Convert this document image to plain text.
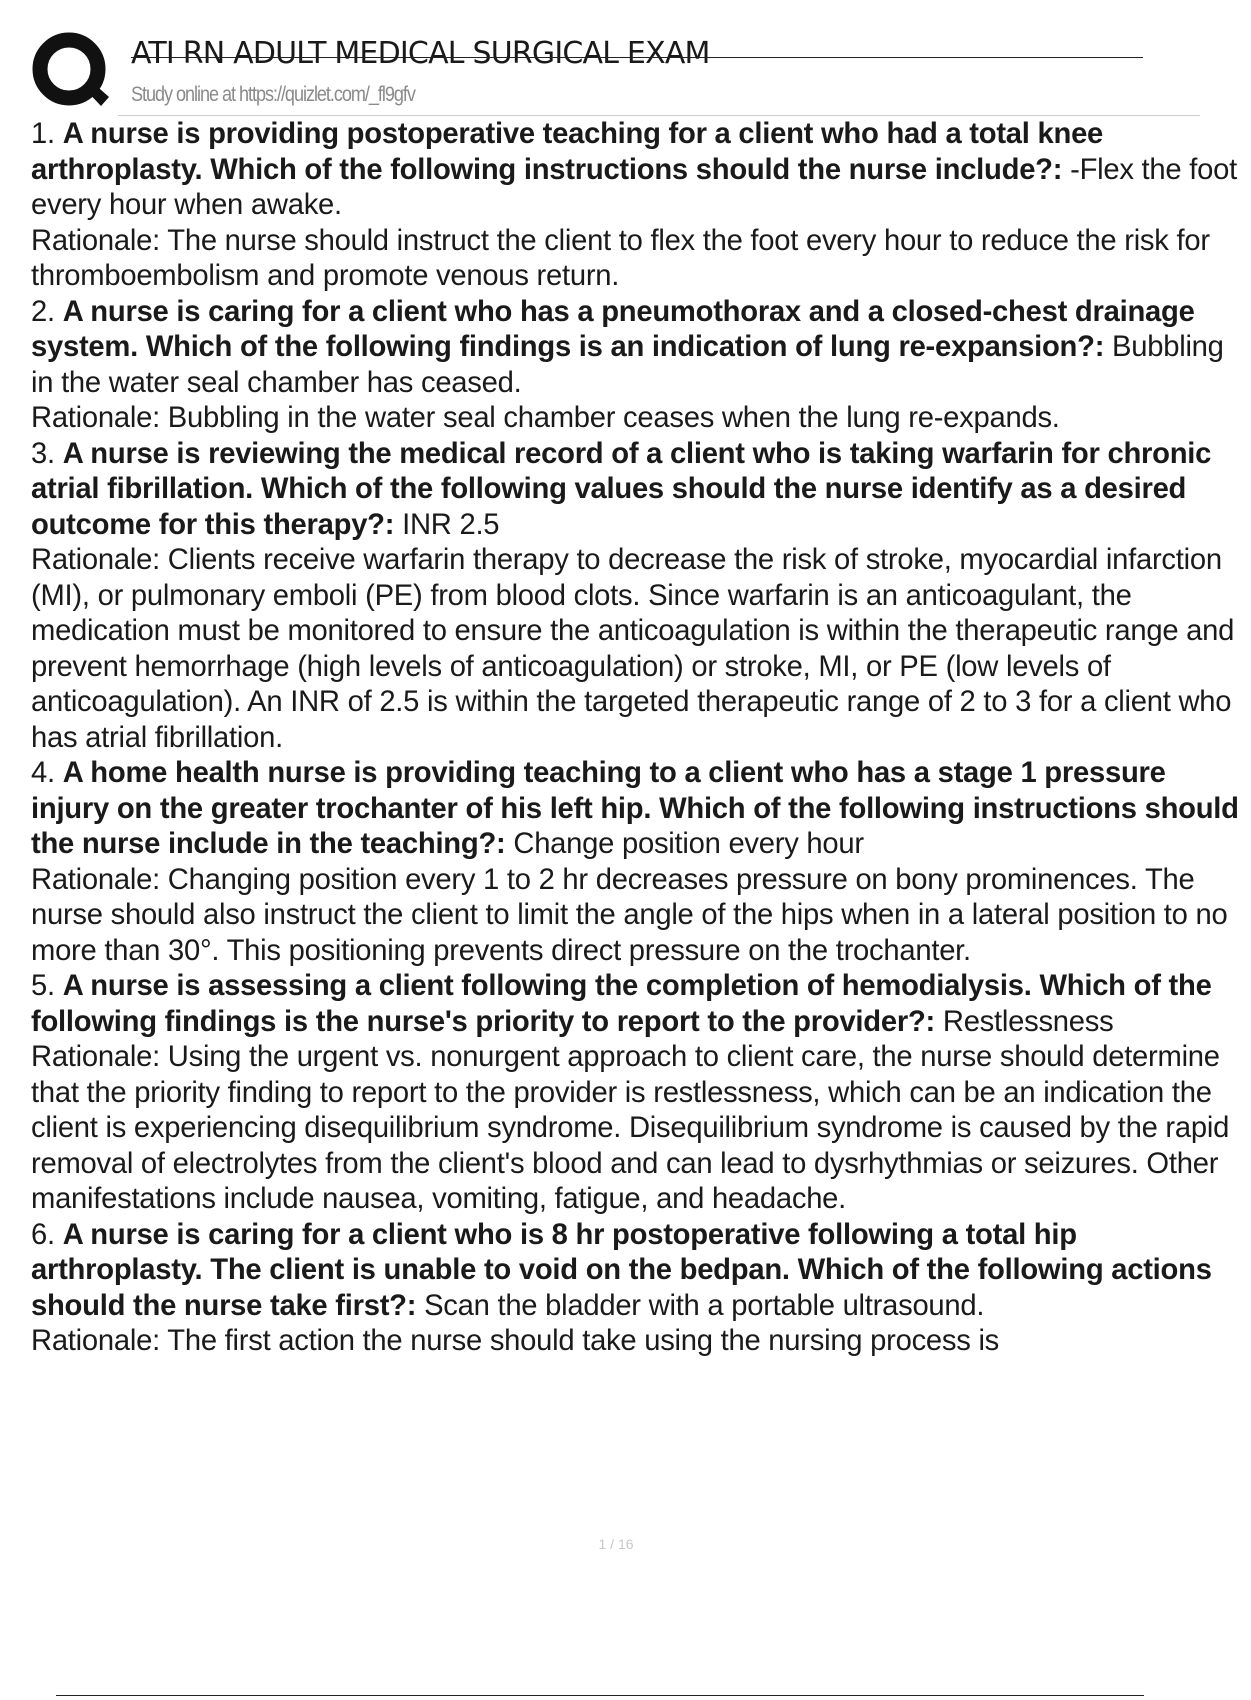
ATI RN ADULT MEDICAL SURGICAL EXAM
Study online at https://quizlet.com/_fl9gfv

1. A nurse is providing postoperative teaching for a client who had a total knee arthroplasty. Which of the following instructions should the nurse include?: -Flex the foot every hour when awake.

Rationale: The nurse should instruct the client to flex the foot every hour to reduce the risk for thromboembolism and promote venous return.

2. A nurse is caring for a client who has a pneumothorax and a closed-chest drainage system. Which of the following findings is an indication of lung re-expansion?: Bubbling in the water seal chamber has ceased.

Rationale: Bubbling in the water seal chamber ceases when the lung re-expands.

3. A nurse is reviewing the medical record of a client who is taking warfarin for chronic atrial fibrillation. Which of the following values should the nurse identify as a desired outcome for this therapy?: INR 2.5

Rationale: Clients receive warfarin therapy to decrease the risk of stroke, myocardial infarction (MI), or pulmonary emboli (PE) from blood clots. Since warfarin is an anticoagulant, the medication must be monitored to ensure the anticoagulation is within the therapeutic range and prevent hemorrhage (high levels of anticoagulation) or stroke, MI, or PE (low levels of anticoagulation). An INR of 2.5 is within the targeted therapeutic range of 2 to 3 for a client who has atrial fibrillation.

4. A home health nurse is providing teaching to a client who has a stage 1 pressure injury on the greater trochanter of his left hip. Which of the following instructions should the nurse include in the teaching?: Change position every hour

Rationale: Changing position every 1 to 2 hr decreases pressure on bony prominences. The nurse should also instruct the client to limit the angle of the hips when in a lateral position to no more than 30°. This positioning prevents direct pressure on the trochanter.

5. A nurse is assessing a client following the completion of hemodialysis. Which of the following findings is the nurse's priority to report to the provider?: Restlessness

Rationale: Using the urgent vs. nonurgent approach to client care, the nurse should determine that the priority finding to report to the provider is restlessness, which can be an indication the client is experiencing disequilibrium syndrome. Disequilibrium syndrome is caused by the rapid removal of electrolytes from the client's blood and can lead to dysrhythmias or seizures. Other manifestations include nausea, vomiting, fatigue, and headache.

6. A nurse is caring for a client who is 8 hr postoperative following a total hip arthroplasty. The client is unable to void on the bedpan. Which of the following actions should the nurse take first?: Scan the bladder with a portable ultrasound.

Rationale: The first action the nurse should take using the nursing process is

1 / 16
